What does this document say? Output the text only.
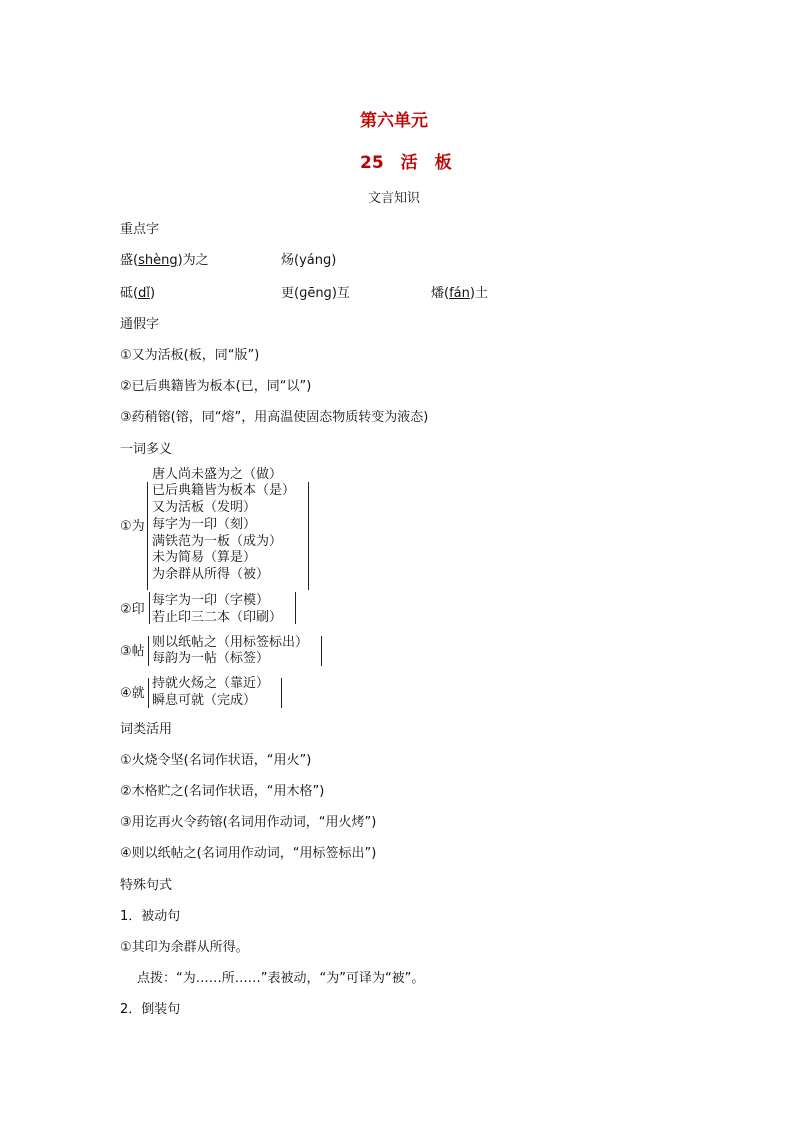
第六单元
25　活　板
文言知识
重点字
盛(shèng)为之	炀(yánɡ)
砥(dǐ)	更(ɡēnɡ)互	燔(fán)土
通假字
①又为活板(板，同“版”)
②已后典籍皆为板本(已，同“以”)
③药稍镕(镕，同“熔”，用高温使固态物质转变为液态)
一词多义
①为
唐人尚未盛为之（做）
已后典籍皆为板本（是）
又为活板（发明）
每字为一印（刻）
满铁范为一板（成为）
未为简易（算是）
为余群从所得（被）
②印
每字为一印（字模）
若止印三二本（印刷）
③帖
则以纸帖之（用标签标出）
每韵为一帖（标签）
④就
持就火炀之（靠近）
瞬息可就（完成）
词类活用
①火烧令坚(名词作状语，“用火”)
②木格贮之(名词作状语，“用木格”)
③用讫再火令药镕(名词用作动词，“用火烤”)
④则以纸帖之(名词用作动词，“用标签标出”)
特殊句式
1．被动句
①其印为余群从所得。
点拨：“为……所……”表被动，“为”可译为“被”。
2．倒装句
